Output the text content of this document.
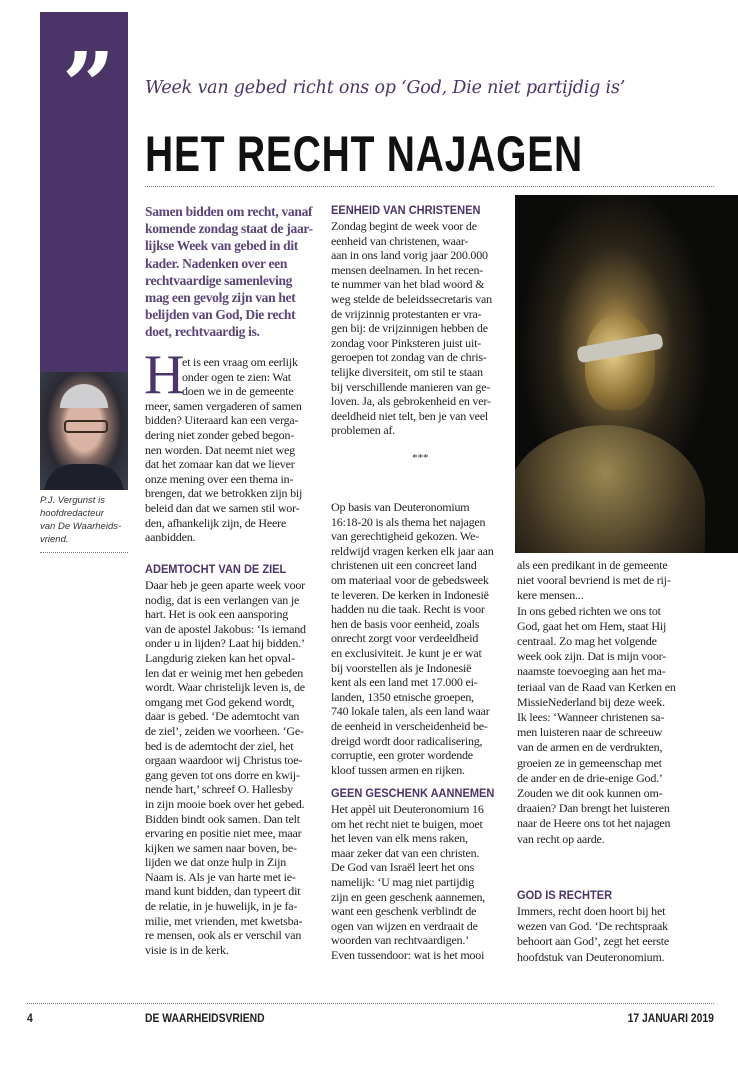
”
P.J. Vergunst is
hoofdredacteur
van De Waarheids-
vriend.
Week van gebed richt ons op ‘God, Die niet partijdig is’
HET RECHT NAJAGEN
Samen bidden om recht, vanaf
komende zondag staat de jaar-
lijkse Week van gebed in dit
kader. Nadenken over een
rechtvaardige samenleving
mag een gevolg zijn van het
belijden van God, Die recht
doet, rechtvaardig is.
H
et is een vraag om eerlijk
onder ogen te zien: Wat
doen we in de gemeente
meer, samen vergaderen of samen
bidden? Uiteraard kan een verga-
dering niet zonder gebed begon-
nen worden. Dat neemt niet weg
dat het zomaar kan dat we liever
onze mening over een thema in-
brengen, dat we betrokken zijn bij
beleid dan dat we samen stil wor-
den, afhankelijk zijn, de Heere
aanbidden.
ADEMTOCHT VAN DE ZIEL
Daar heb je geen aparte week voor
nodig, dat is een verlangen van je
hart. Het is ook een aansporing
van de apostel Jakobus: ‘Is iemand
onder u in lijden? Laat hij bidden.’
Langdurig zieken kan het opval-
len dat er weinig met hen gebeden
wordt. Waar christelijk leven is, de
omgang met God gekend wordt,
daar is gebed. ‘De ademtocht van
de ziel’, zeiden we voorheen. ‘Ge-
bed is de ademtocht der ziel, het
orgaan waardoor wij Christus toe-
gang geven tot ons dorre en kwij-
nende hart,’ schreef O. Hallesby
in zijn mooie boek over het gebed.
Bidden bindt ook samen. Dan telt
ervaring en positie niet mee, maar
kijken we samen naar boven, be-
lijden we dat onze hulp in Zijn
Naam is. Als je van harte met ie-
mand kunt bidden, dan typeert dit
de relatie, in je huwelijk, in je fa-
milie, met vrienden, met kwetsba-
re mensen, ook als er verschil van
visie is in de kerk.
EENHEID VAN CHRISTENEN
Zondag begint de week voor de
eenheid van christenen, waar-
aan in ons land vorig jaar 200.000
mensen deelnamen. In het recen-
te nummer van het blad woord &
weg stelde de beleidssecretaris van
de vrijzinnig protestanten er vra-
gen bij: de vrijzinnigen hebben de
zondag voor Pinksteren juist uit-
geroepen tot zondag van de chris-
telijke diversiteit, om stil te staan
bij verschillende manieren van ge-
loven. Ja, als gebrokenheid en ver-
deeldheid niet telt, ben je van veel
problemen af.
***
Op basis van Deuteronomium
16:18-20 is als thema het najagen
van gerechtigheid gekozen. We-
reldwijd vragen kerken elk jaar aan
christenen uit een concreet land
om materiaal voor de gebedsweek
te leveren. De kerken in Indonesië
hadden nu die taak. Recht is voor
hen de basis voor eenheid, zoals
onrecht zorgt voor verdeeldheid
en exclusiviteit. Je kunt je er wat
bij voorstellen als je Indonesië
kent als een land met 17.000 ei-
landen, 1350 etnische groepen,
740 lokale talen, als een land waar
de eenheid in verscheidenheid be-
dreigd wordt door radicalisering,
corruptie, een groter wordende
kloof tussen armen en rijken.
GEEN GESCHENK AANNEMEN
Het appèl uit Deuteronomium 16
om het recht niet te buigen, moet
het leven van elk mens raken,
maar zeker dat van een christen.
De God van Israël leert het ons
namelijk: ‘U mag niet partijdig
zijn en geen geschenk aannemen,
want een geschenk verblindt de
ogen van wijzen en verdraait de
woorden van rechtvaardigen.’
Even tussendoor: wat is het mooi
als een predikant in de gemeente
niet vooral bevriend is met de rij-
kere mensen...
In ons gebed richten we ons tot
God, gaat het om Hem, staat Hij
centraal. Zo mag het volgende
week ook zijn. Dat is mijn voor-
naamste toevoeging aan het ma-
teriaal van de Raad van Kerken en
MissieNederland bij deze week.
Ik lees: ‘Wanneer christenen sa-
men luisteren naar de schreeuw
van de armen en de verdrukten,
groeien ze in gemeenschap met
de ander en de drie-enige God.’
Zouden we dit ook kunnen om-
draaien? Dan brengt het luisteren
naar de Heere ons tot het najagen
van recht op aarde.
GOD IS RECHTER
Immers, recht doen hoort bij het
wezen van God. ‘De rechtspraak
behoort aan God’, zegt het eerste
hoofdstuk van Deuteronomium.
4	DE WAARHEIDSVRIEND	17 JANUARI 2019
